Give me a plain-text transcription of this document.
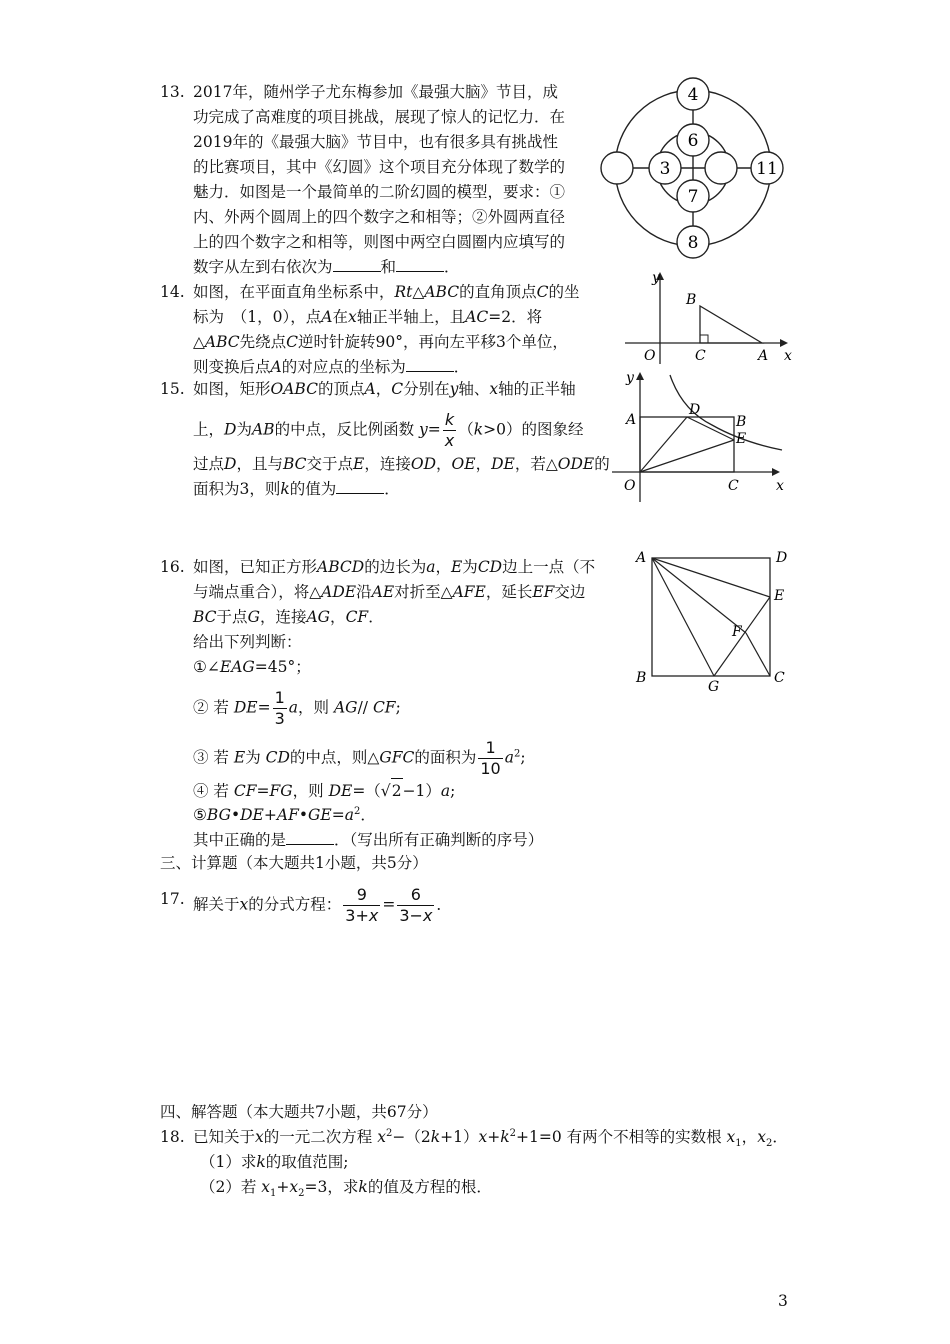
13. 2017年，随州学子尤东梅参加《最强大脑》节目，成
功完成了高难度的项目挑战，展现了惊人的记忆力．在
2019年的《最强大脑》节目中，也有很多具有挑战性
的比赛项目，其中《幻圆》这个项目充分体现了数学的
魅力．如图是一个最简单的二阶幻圆的模型，要求：①
内、外两个圆周上的四个数字之和相等；②外圆两直径
上的四个数字之和相等，则图中两空白圆圈内应填写的
数字从左到右依次为	和	．
4
6
3
7
11
8
14. 如图，在平面直角坐标系中，Rt△ABC的直角顶点C的坐
标为　（1，0），点A在x轴正半轴上，且AC=2．将
△ABC先绕点C逆时针旋转90°，再向左平移3个单位，
则变换后点A的对应点的坐标为	．
y
x
O	C	A
B
15. 如图，矩形OABC的顶点A，C分别在y轴、x轴的正半轴
上，D为AB的中点，反比例函数 $y= \frac{k}{x} (k>0)$的图象经
过点D，且与BC交于点E，连接OD，OE，DE，若△ODE的
面积为3，则k的值为	．
y
x
O	C
A
D
B
E
16. 如图，已知正方形ABCD的边长为a，E为CD边上一点（不
与端点重合），将△ADE沿AE对折至△AFE，延长EF交边
BC于点G，连接AG，CF．
给出下列判断：
①∠EAG=45°；
② 若 $DE= \frac{1}{3}$ a，则 AG// CF;
③ 若 E为 CD的中点，则△GFC的面积为 $\frac{1}{10} a^2$;
④ 若 CF=FG，则 DE=（√2−1）a;
$⑤BG•DE+AF•GE=a^2$．
其中正确的是	．（写出所有正确判断的序号）
A	D
E
F
B
G
C
三、计算题（本大题共1小题，共5分）
17. 解关于x的分式方程： $\frac{9}{3+x} = \frac{6}{3-x}$ ．
四、解答题（本大题共7小题，共67分）
18. 已知关于x的一元二次方程 $x^2-(2k+1)x+k^2+1=0$ 有两个不相等的实数根 $x_1$，$x_2$．
（1）求k的取值范围;
（2）若 $x_1+x_2=3$，求k的值及方程的根．
3
